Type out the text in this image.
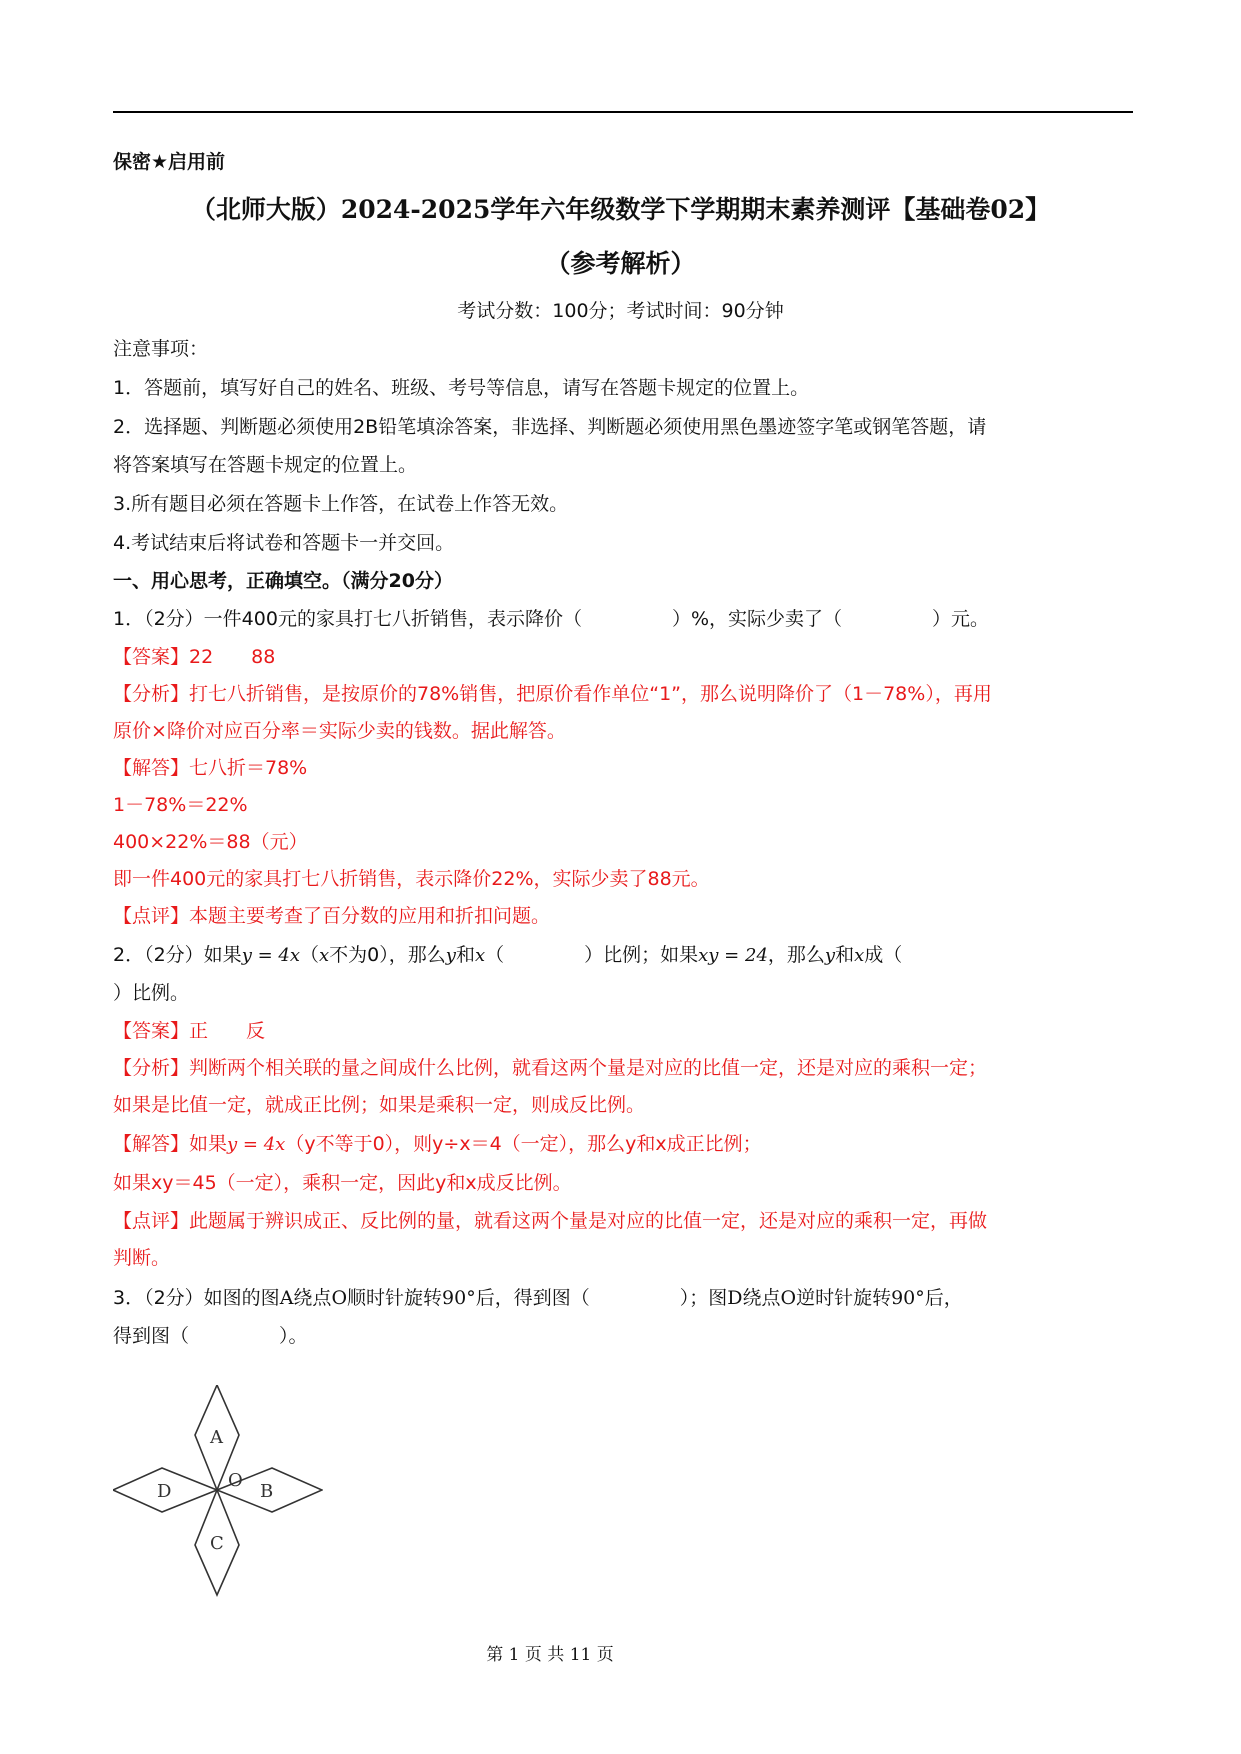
保密★启用前
（北师大版）2024-2025学年六年级数学下学期期末素养测评【基础卷02】
（参考解析）
考试分数：100分；考试时间：90分钟
注意事项：
1．答题前，填写好自己的姓名、班级、考号等信息，请写在答题卡规定的位置上。
2．选择题、判断题必须使用2B铅笔填涂答案，非选择、判断题必须使用黑色墨迹签字笔或钢笔答题，请
将答案填写在答题卡规定的位置上。
3.所有题目必须在答题卡上作答，在试卷上作答无效。
4.考试结束后将试卷和答题卡一并交回。
一、用心思考，正确填空。（满分20分）
1．（2分）一件400元的家具打七八折销售，表示降价（	）%，实际少卖了（	）元。
【答案】22　　88
【分析】打七八折销售，是按原价的78%销售，把原价看作单位“1”，那么说明降价了（1－78%），再用
原价×降价对应百分率＝实际少卖的钱数。据此解答。
【解答】七八折＝78%
1－78%＝22%
400×22%＝88（元）
即一件400元的家具打七八折销售，表示降价22%，实际少卖了88元。
【点评】本题主要考查了百分数的应用和折扣问题。
2．（2分）如果y = 4x（x不为0），那么y和x（	）比例；如果xy = 24，那么y和x成（
）比例。
【答案】正　　反
【分析】判断两个相关联的量之间成什么比例，就看这两个量是对应的比值一定，还是对应的乘积一定；
如果是比值一定，就成正比例；如果是乘积一定，则成反比例。
【解答】如果y = 4x（y不等于0），则y÷x＝4（一定），那么y和x成正比例；
如果xy＝45（一定），乘积一定，因此y和x成反比例。
【点评】此题属于辨识成正、反比例的量，就看这两个量是对应的比值一定，还是对应的乘积一定，再做
判断。
3．（2分）如图的图A绕点O顺时针旋转90°后，得到图（	）；图D绕点O逆时针旋转90°后，
得到图（	）。
A
B
C
D
O
第 1 页 共 11 页
